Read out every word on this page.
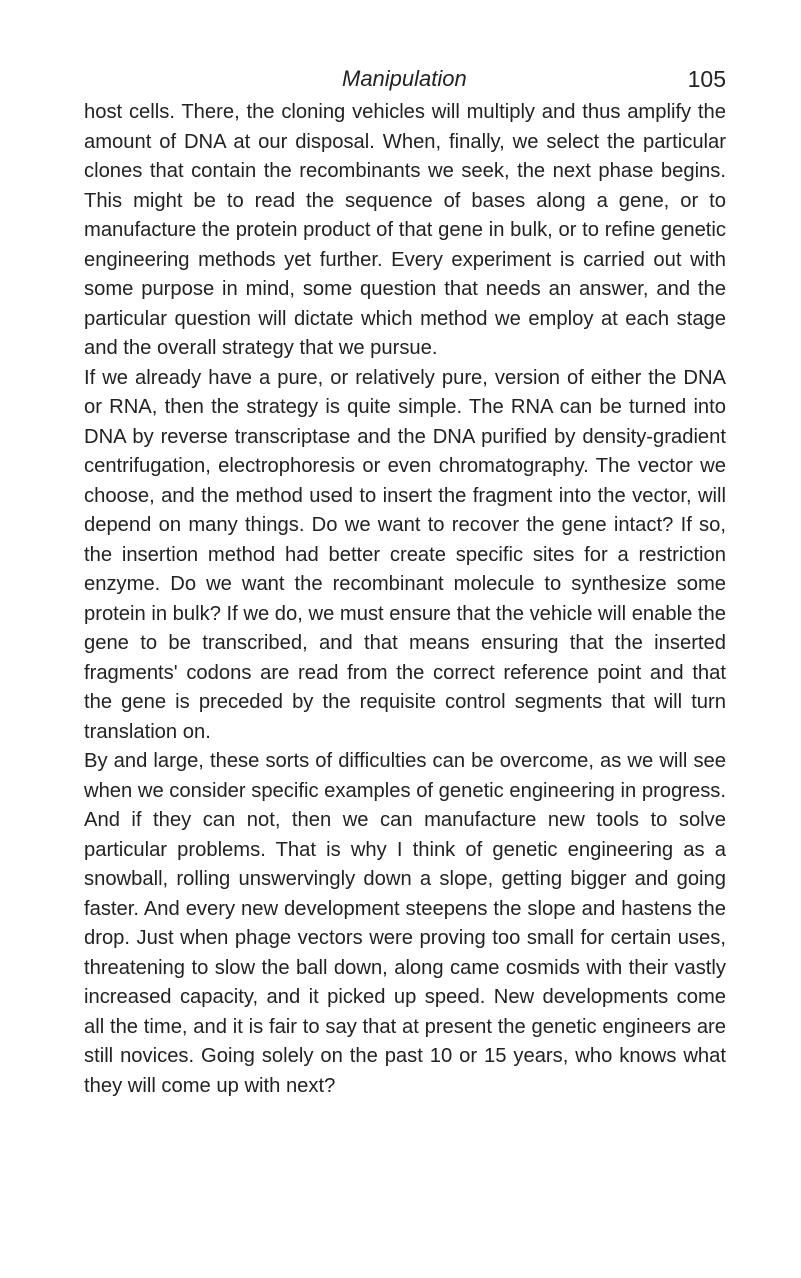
Manipulation	105

host cells. There, the cloning vehicles will multiply and thus amplify the amount of DNA at our disposal. When, finally, we select the particular clones that contain the recombinants we seek, the next phase begins. This might be to read the sequence of bases along a gene, or to manufacture the protein product of that gene in bulk, or to refine genetic engineering methods yet further. Every experiment is carried out with some purpose in mind, some question that needs an answer, and the particular question will dictate which method we employ at each stage and the overall strategy that we pursue.

If we already have a pure, or relatively pure, version of either the DNA or RNA, then the strategy is quite simple. The RNA can be turned into DNA by reverse transcriptase and the DNA purified by density-gradient centrifugation, electrophoresis or even chromatography. The vector we choose, and the method used to insert the fragment into the vector, will depend on many things. Do we want to recover the gene intact? If so, the insertion method had better create specific sites for a restriction enzyme. Do we want the recombinant molecule to synthesize some protein in bulk? If we do, we must ensure that the vehicle will enable the gene to be transcribed, and that means ensuring that the inserted fragments' codons are read from the correct reference point and that the gene is preceded by the requisite control segments that will turn translation on.

By and large, these sorts of difficulties can be overcome, as we will see when we consider specific examples of genetic engineering in progress. And if they can not, then we can manufacture new tools to solve particular problems. That is why I think of genetic engineering as a snowball, rolling unswervingly down a slope, getting bigger and going faster. And every new development steepens the slope and hastens the drop. Just when phage vectors were proving too small for certain uses, threatening to slow the ball down, along came cosmids with their vastly increased capacity, and it picked up speed. New developments come all the time, and it is fair to say that at present the genetic engineers are still novices. Going solely on the past 10 or 15 years, who knows what they will come up with next?
